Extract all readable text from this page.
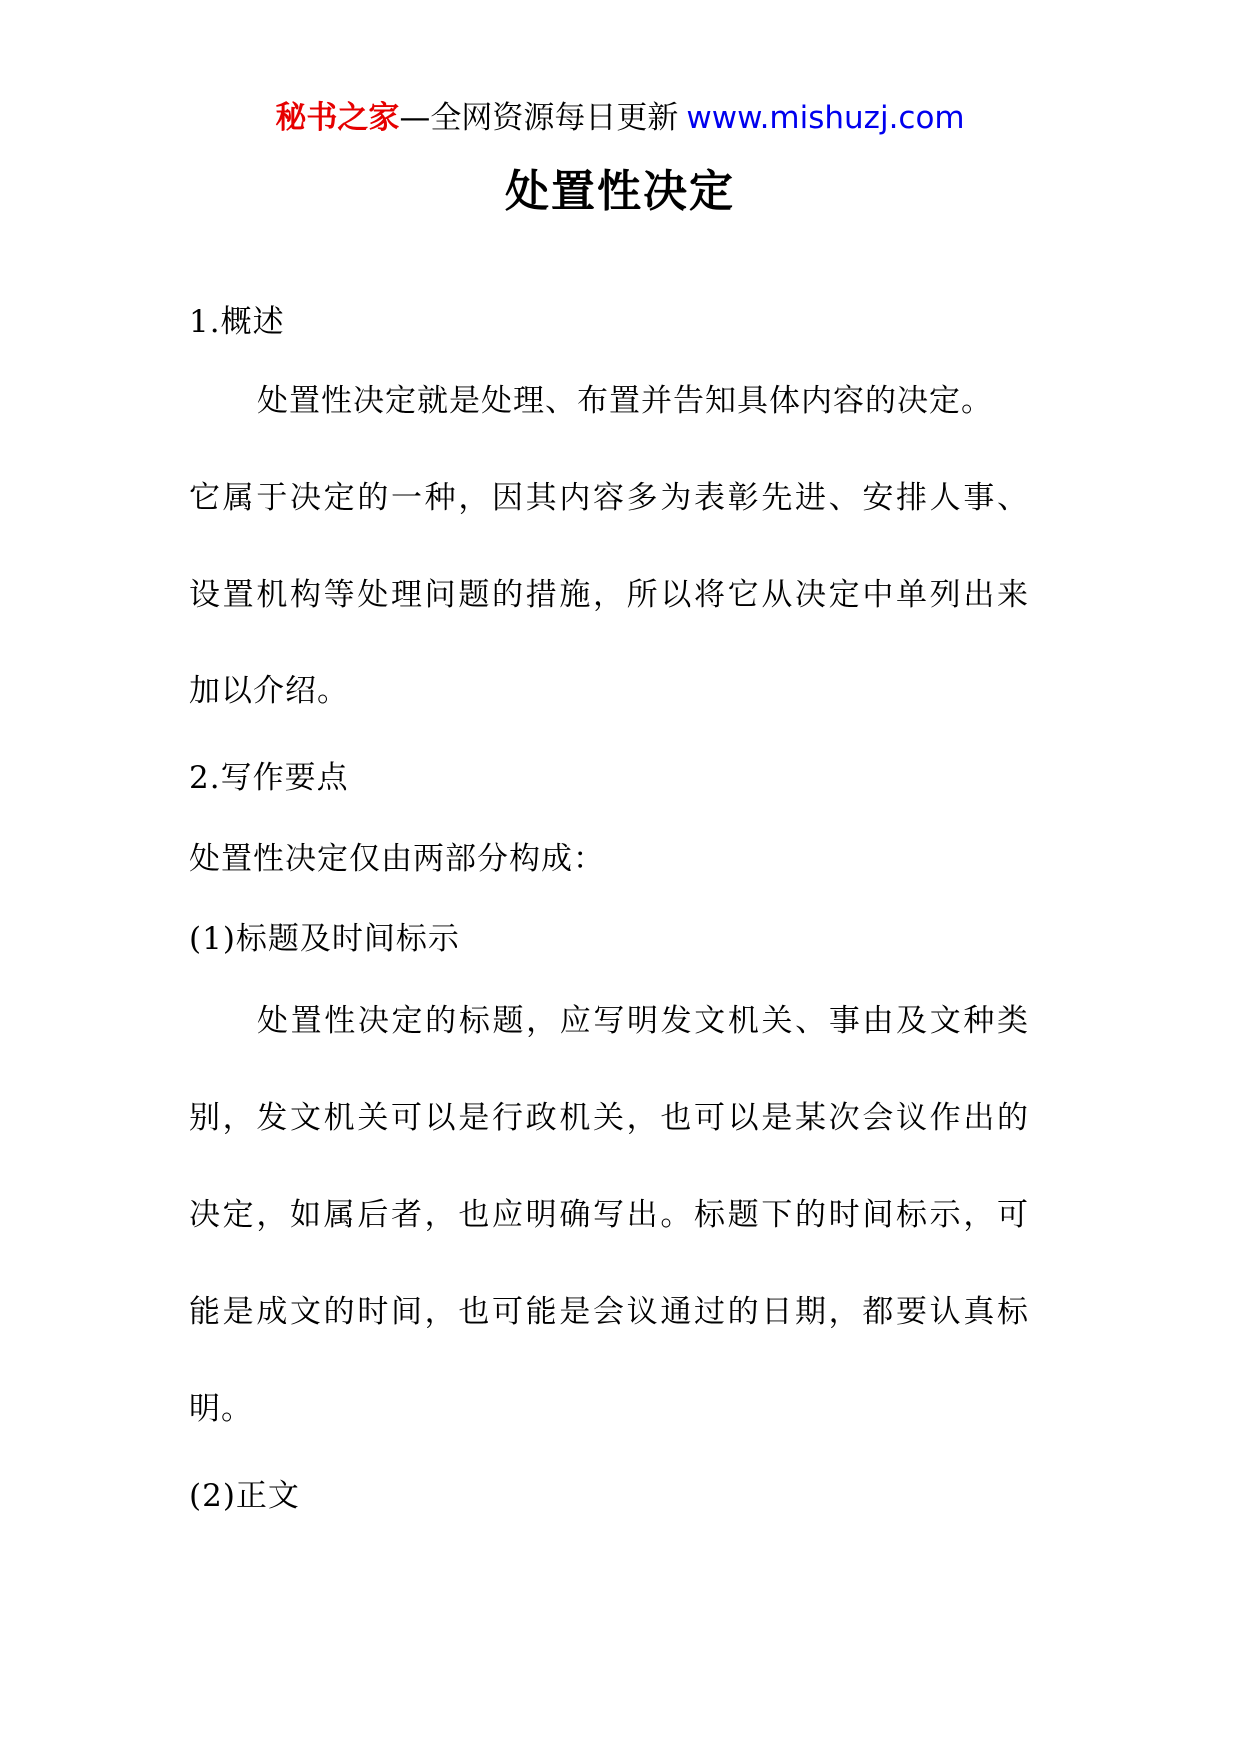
秘书之家—全网资源每日更新 www.mishuzj.com
处置性决定
1.概述
处置性决定就是处理、布置并告知具体内容的决定。
它属于决定的一种，因其内容多为表彰先进、安排人事、
设置机构等处理问题的措施，所以将它从决定中单列出来
加以介绍。
2.写作要点
处置性决定仅由两部分构成：
(1)标题及时间标示
处置性决定的标题，应写明发文机关、事由及文种类
别，发文机关可以是行政机关，也可以是某次会议作出的
决定，如属后者，也应明确写出。标题下的时间标示，可
能是成文的时间，也可能是会议通过的日期，都要认真标
明。
(2)正文
